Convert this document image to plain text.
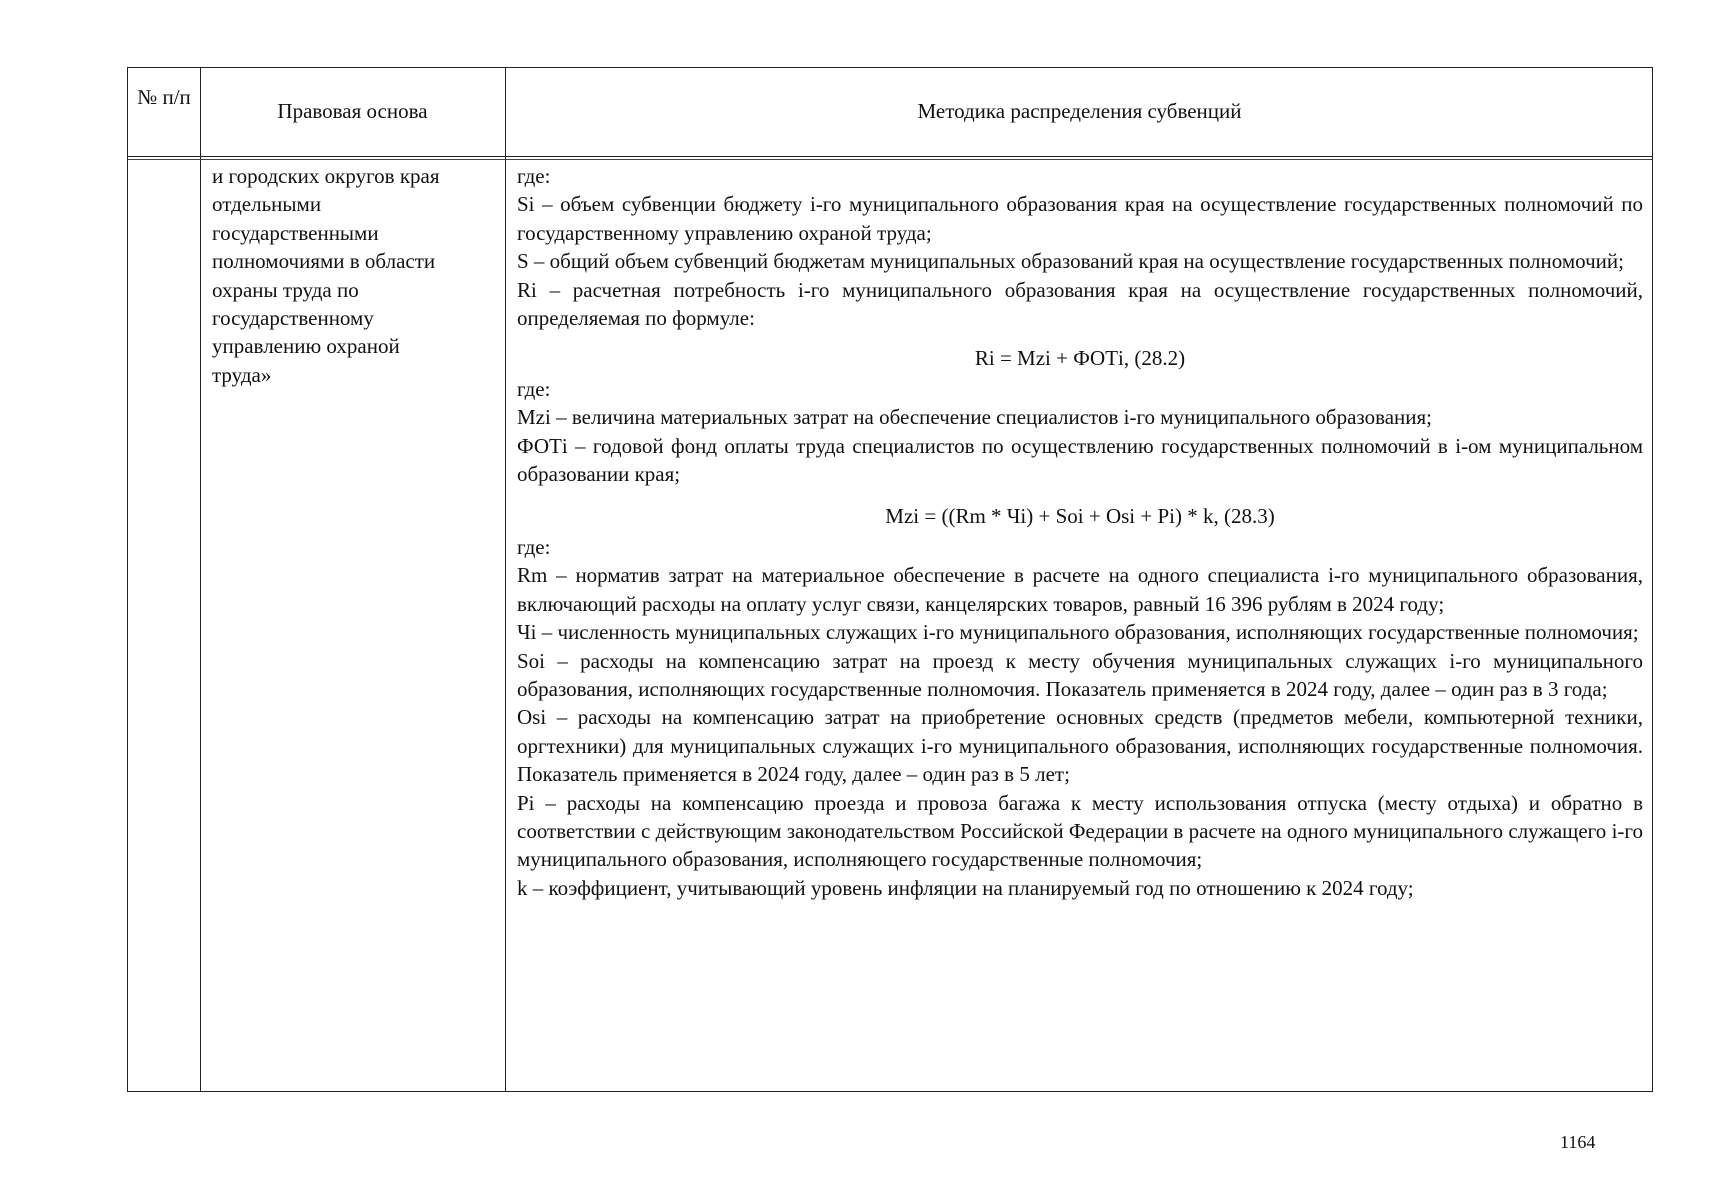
№ п/п
Правовая основа	Методика распределения субвенций

и городских округов края

отдельными

государственными

полномочиями в области

охраны труда по

государственному

управлению охраной

труда»

где:

Si – объем субвенции бюджету i-го муниципального образования края на осуществление государственных полномочий по государственному управлению охраной труда;

S – общий объем субвенций бюджетам муниципальных образований края на осуществление государственных полномочий;

Ri – расчетная потребность i-го муниципального образования края на осуществление государственных полномочий, определяемая по формуле:

Ri = Mzi + ФОТi, (28.2)

где:

Mzi – величина материальных затрат на обеспечение специалистов i-го муниципального образования;

ФОТi – годовой фонд оплаты труда специалистов по осуществлению государственных полномочий в i-ом муниципальном образовании края;

Mzi = ((Rm * Чi) + Soi + Osi + Pi) * k, (28.3)

где:

Rm – норматив затрат на материальное обеспечение в расчете на одного специалиста i-го муниципального образования, включающий расходы на оплату услуг связи, канцелярских товаров, равный 16 396 рублям в 2024 году;

Чi – численность муниципальных служащих i-го муниципального образования, исполняющих государственные полномочия;

Soi – расходы на компенсацию затрат на проезд к месту обучения муниципальных служащих i-го муниципального образования, исполняющих государственные полномочия. Показатель применяется в 2024 году, далее – один раз в 3 года;

Osi – расходы на компенсацию затрат на приобретение основных средств (предметов мебели, компьютерной техники, оргтехники) для муниципальных служащих i-го муниципального образования, исполняющих государственные полномочия. Показатель применяется в 2024 году, далее – один раз в 5 лет;

Pi – расходы на компенсацию проезда и провоза багажа к месту использования отпуска (месту отдыха) и обратно в соответствии с действующим законодательством Российской Федерации в расчете на одного муниципального служащего i-го муниципального образования, исполняющего государственные полномочия;

k – коэффициент, учитывающий уровень инфляции на планируемый год по отношению к 2024 году;

1164
